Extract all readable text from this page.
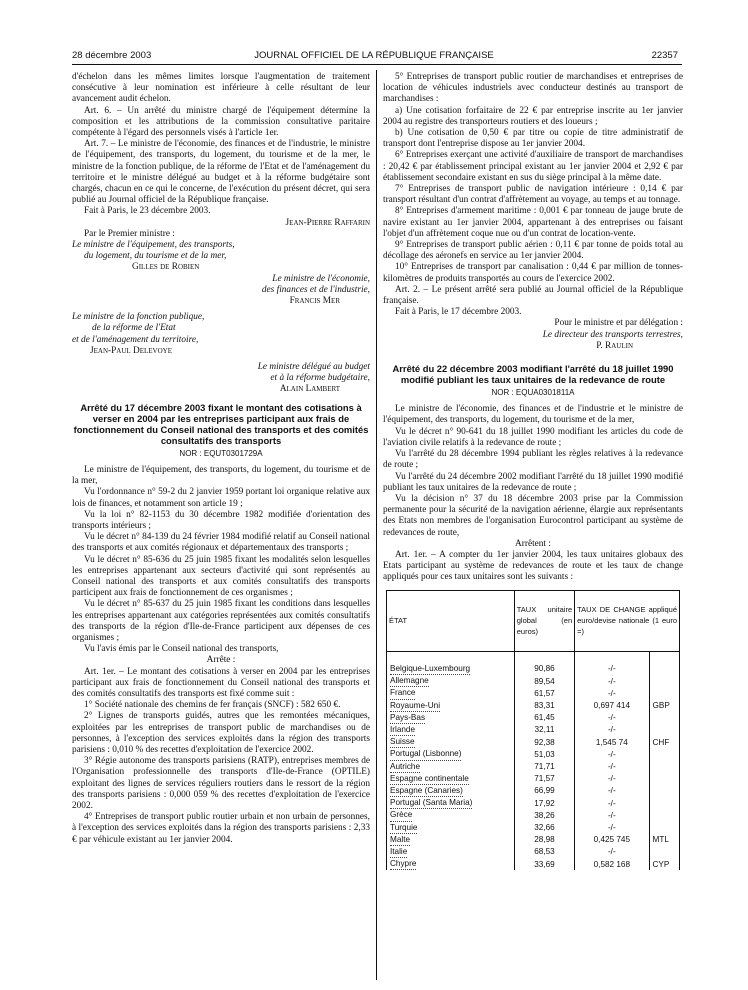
28 décembre 2003	JOURNAL OFFICIEL DE LA RÉPUBLIQUE FRANÇAISE	22357

d'échelon dans les mêmes limites lorsque l'augmentation de traitement consécutive à leur nomination est inférieure à celle résultant de leur avancement audit échelon.

Art. 6. – Un arrêté du ministre chargé de l'équipement détermine la composition et les attributions de la commission consultative paritaire compétente à l'égard des personnels visés à l'article 1er.

Art. 7. – Le ministre de l'économie, des finances et de l'industrie, le ministre de l'équipement, des transports, du logement, du tourisme et de la mer, le ministre de la fonction publique, de la réforme de l'Etat et de l'aménagement du territoire et le ministre délégué au budget et à la réforme budgétaire sont chargés, chacun en ce qui le concerne, de l'exécution du présent décret, qui sera publié au Journal officiel de la République française.

Fait à Paris, le 23 décembre 2003.

Jean-Pierre Raffarin

Par le Premier ministre :

Le ministre de l'équipement, des transports,
du logement, du tourisme et de la mer,
Gilles de Robien
Le ministre de l'économie,
des finances et de l'industrie,
Francis Mer
Le ministre de la fonction publique,
de la réforme de l'Etat
et de l'aménagement du territoire,
Jean-Paul Delevoye
Le ministre délégué au budget
et à la réforme budgétaire,
Alain Lambert
Arrêté du 17 décembre 2003 fixant le montant des cotisations à verser en 2004 par les entreprises participant aux frais de fonctionnement du Conseil national des transports et des comités consultatifs des transports
NOR : EQUT0301729A

Le ministre de l'équipement, des transports, du logement, du tourisme et de la mer,

Vu l'ordonnance n° 59-2 du 2 janvier 1959 portant loi organique relative aux lois de finances, et notamment son article 19 ;

Vu la loi n° 82-1153 du 30 décembre 1982 modifiée d'orientation des transports intérieurs ;

Vu le décret n° 84-139 du 24 février 1984 modifié relatif au Conseil national des transports et aux comités régionaux et départementaux des transports ;

Vu le décret n° 85-636 du 25 juin 1985 fixant les modalités selon lesquelles les entreprises appartenant aux secteurs d'activité qui sont représentés au Conseil national des transports et aux comités consultatifs des transports participent aux frais de fonctionnement de ces organismes ;

Vu le décret n° 85-637 du 25 juin 1985 fixant les conditions dans lesquelles les entreprises appartenant aux catégories représentées aux comités consultatifs des transports de la région d'Ile-de-France participent aux dépenses de ces organismes ;

Vu l'avis émis par le Conseil national des transports,

Arrête :

Art. 1er. – Le montant des cotisations à verser en 2004 par les entreprises participant aux frais de fonctionnement du Conseil national des transports et des comités consultatifs des transports est fixé comme suit :

1° Société nationale des chemins de fer français (SNCF) : 582 650 €.

2° Lignes de transports guidés, autres que les remontées mécaniques, exploitées par les entreprises de transport public de marchandises ou de personnes, à l'exception des services exploités dans la région des transports parisiens : 0,010 % des recettes d'exploitation de l'exercice 2002.

3° Régie autonome des transports parisiens (RATP), entreprises membres de l'Organisation professionnelle des transports d'Ile-de-France (OPTILE) exploitant des lignes de services réguliers routiers dans le ressort de la région des transports parisiens : 0,000 059 % des recettes d'exploitation de l'exercice 2002.

4° Entreprises de transport public routier urbain et non urbain de personnes, à l'exception des services exploités dans la région des transports parisiens : 2,33 € par véhicule existant au 1er janvier 2004.

5° Entreprises de transport public routier de marchandises et entreprises de location de véhicules industriels avec conducteur destinés au transport de marchandises :

a) Une cotisation forfaitaire de 22 € par entreprise inscrite au 1er janvier 2004 au registre des transporteurs routiers et des loueurs ;

b) Une cotisation de 0,50 € par titre ou copie de titre administratif de transport dont l'entreprise dispose au 1er janvier 2004.

6° Entreprises exerçant une activité d'auxiliaire de transport de marchandises : 20,42 € par établissement principal existant au 1er janvier 2004 et 2,92 € par établissement secondaire existant en sus du siège principal à la même date.

7° Entreprises de transport public de navigation intérieure : 0,14 € par transport résultant d'un contrat d'affrètement au voyage, au temps et au tonnage.

8° Entreprises d'armement maritime : 0,001 € par tonneau de jauge brute de navire existant au 1er janvier 2004, appartenant à des entreprises ou faisant l'objet d'un affrètement coque nue ou d'un contrat de location-vente.

9° Entreprises de transport public aérien : 0,11 € par tonne de poids total au décollage des aéronefs en service au 1er janvier 2004.

10° Entreprises de transport par canalisation : 0,44 € par million de tonnes-kilomètres de produits transportés au cours de l'exercice 2002.

Art. 2. – Le présent arrêté sera publié au Journal officiel de la République française.

Fait à Paris, le 17 décembre 2003.

Pour le ministre et par délégation :
Le directeur des transports terrestres,
P. Raulin
Arrêté du 22 décembre 2003 modifiant l'arrêté du 18 juillet 1990 modifié publiant les taux unitaires de la redevance de route
NOR : EQUA0301811A

Le ministre de l'économie, des finances et de l'industrie et le ministre de l'équipement, des transports, du logement, du tourisme et de la mer,

Vu le décret n° 90-641 du 18 juillet 1990 modifiant les articles du code de l'aviation civile relatifs à la redevance de route ;

Vu l'arrêté du 28 décembre 1994 publiant les règles relatives à la redevance de route ;

Vu l'arrêté du 24 décembre 2002 modifiant l'arrêté du 18 juillet 1990 modifié publiant les taux unitaires de la redevance de route ;

Vu la décision n° 37 du 18 décembre 2003 prise par la Commission permanente pour la sécurité de la navigation aérienne, élargie aux représentants des Etats non membres de l'organisation Eurocontrol participant au système de redevances de route,

Arrêtent :

Art. 1er. – A compter du 1er janvier 2004, les taux unitaires globaux des Etats participant au système de redevances de route et les taux de change appliqués pour ces taux unitaires sont les suivants :

ÉTAT	TAUX unitaire global (en euros)	TAUX DE CHANGE appliqué euro/devise nationale (1 euro =)	

Belgique-Luxembourg	90,86	-/-	
Allemagne	89,54	-/-	
France	61,57	-/-	
Royaume-Uni	83,31	0,697 414	GBP
Pays-Bas	61,45	-/-	
Irlande	32,11	-/-	
Suisse	92,38	1,545 74	CHF
Portugal (Lisbonne)	51,03	-/-	
Autriche	71,71	-/-	
Espagne continentale	71,57	-/-	
Espagne (Canaries)	66,99	-/-	
Portugal (Santa Maria)	17,92	-/-	
Grèce	38,26	-/-	
Turquie	32,66	-/-	
Malte	28,98	0,425 745	MTL
Italie	68,53	-/-	
Chypre	33,69	0,582 168	CYP
